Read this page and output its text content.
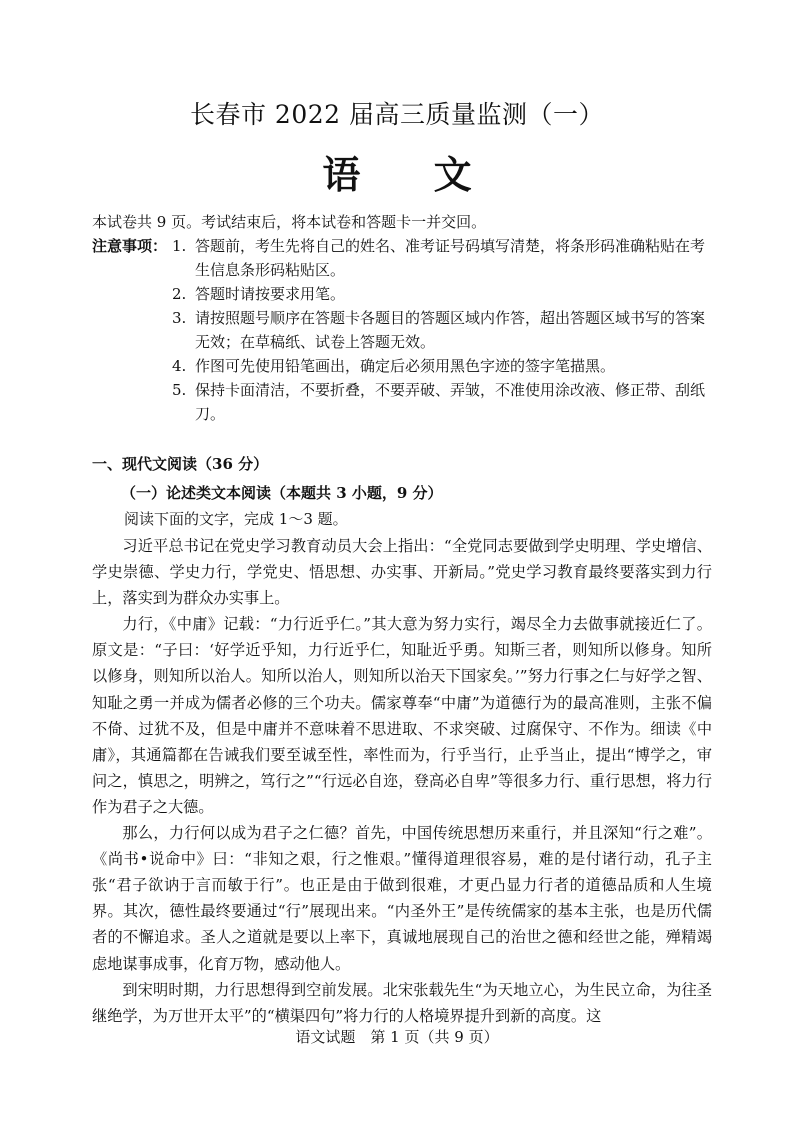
长春市 2022 届高三质量监测（一）
语 文
本试卷共 9 页。考试结束后，将本试卷和答题卡一并交回。
注意事项： 1. 答题前，考生先将自己的姓名、准考证号码填写清楚，将条形码准确粘贴在考生信息条形码粘贴区。
2. 答题时请按要求用笔。
3. 请按照题号顺序在答题卡各题目的答题区域内作答，超出答题区域书写的答案无效；在草稿纸、试卷上答题无效。
4. 作图可先使用铅笔画出，确定后必须用黑色字迹的签字笔描黑。
5. 保持卡面清洁，不要折叠，不要弄破、弄皱，不准使用涂改液、修正带、刮纸刀。
一、现代文阅读（36 分）
（一）论述类文本阅读（本题共 3 小题，9 分）
阅读下面的文字，完成 1～3 题。

习近平总书记在党史学习教育动员大会上指出：“全党同志要做到学史明理、学史增信、学史崇德、学史力行，学党史、悟思想、办实事、开新局。”党史学习教育最终要落实到力行上，落实到为群众办实事上。

力行，《中庸》记载：“力行近乎仁。”其大意为努力实行，竭尽全力去做事就接近仁了。原文是：“子曰：‘好学近乎知，力行近乎仁，知耻近乎勇。知斯三者，则知所以修身。知所以修身，则知所以治人。知所以治人，则知所以治天下国家矣。’”努力行事之仁与好学之智、知耻之勇一并成为儒者必修的三个功夫。儒家尊奉“中庸”为道德行为的最高准则，主张不偏不倚、过犹不及，但是中庸并不意味着不思进取、不求突破、过腐保守、不作为。细读《中庸》，其通篇都在告诫我们要至诚至性，率性而为，行乎当行，止乎当止，提出“博学之，审问之，慎思之，明辨之，笃行之”“行远必自迩，登高必自卑”等很多力行、重行思想，将力行作为君子之大德。

那么，力行何以成为君子之仁德？首先，中国传统思想历来重行，并且深知“行之难”。《尚书•说命中》曰：“非知之艰，行之惟艰。”懂得道理很容易，难的是付诸行动，孔子主张“君子欲讷于言而敏于行”。也正是由于做到很难，才更凸显力行者的道德品质和人生境界。其次，德性最终要通过“行”展现出来。“内圣外王”是传统儒家的基本主张，也是历代儒者的不懈追求。圣人之道就是要以上率下，真诚地展现自己的治世之德和经世之能，殚精竭虑地谋事成事，化育万物，感动他人。

到宋明时期，力行思想得到空前发展。北宋张载先生“为天地立心，为生民立命，为往圣继绝学，为万世开太平”的“横渠四句”将力行的人格境界提升到新的高度。这

语文试题　第 1 页（共 9 页）
